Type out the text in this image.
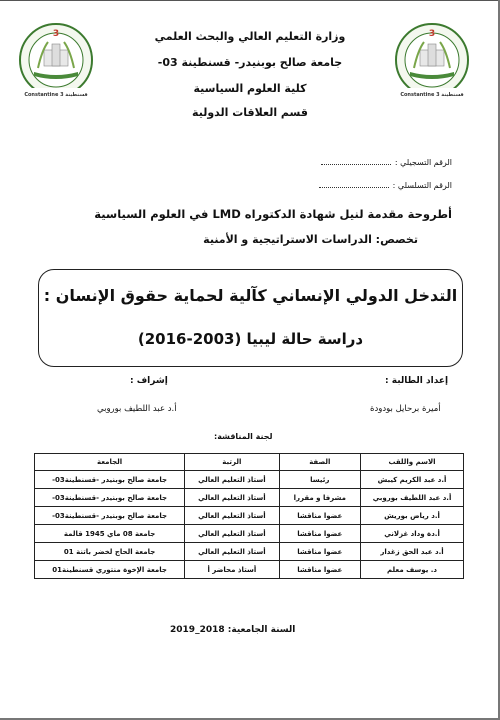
3
Constantine 3 قسنطينة
3
Constantine 3 قسنطينة
وزارة التعليم العالي والبحث العلمي
جامعة صالح بوبنيدر- قسنطينة 03-
كلية العلوم السياسية
قسم العلاقات الدولية
الرقم التسجيلي :
الرقم التسلسلي :
أطروحة مقدمة لنيل شهادة الدكتوراه LMD في العلوم السياسية
تخصص: الدراسات الاستراتيجية و الأمنية
التدخل الدولي الإنساني كآلية لحماية حقوق الإنسان :
دراسة حالة ليبيا (2003-2016)
إعداد الطالبة :
أميرة برحايل بودودة
إشراف :
أ.د عبد اللطيف بوروبي
لجنة المناقشة:
الاسم واللقب	الصفة	الرتبة	الجامعة
أ.د عبد الكريم كيبش	رئيسا	أستاذ التعليم العالي	جامعة صالح بوبنيدر -قسنطينة03-
أ.د عبد اللطيف بوروبي	مشرفا و مقررا	أستاذ التعليم العالي	جامعة صالح بوبنيدر -قسنطينة03-
أ.د رياض بوريش	عضوا مناقشا	أستاذ التعليم العالي	جامعة صالح بوبنيدر -قسنطينة03-
أ.دة وداد غزلاني	عضوا مناقشا	أستاذ التعليم العالي	جامعة 08 ماي 1945 قالمة
أ.د عبد الحق زغدار	عضوا مناقشا	أستاذ التعليم العالي	جامعة الحاج لخضر باتنة 01
د. يوسف معلم	عضوا مناقشا	أستاذ محاضر أ	جامعة الإخوة منتوري قسنطينة01
السنة الجامعية: 2018_2019
